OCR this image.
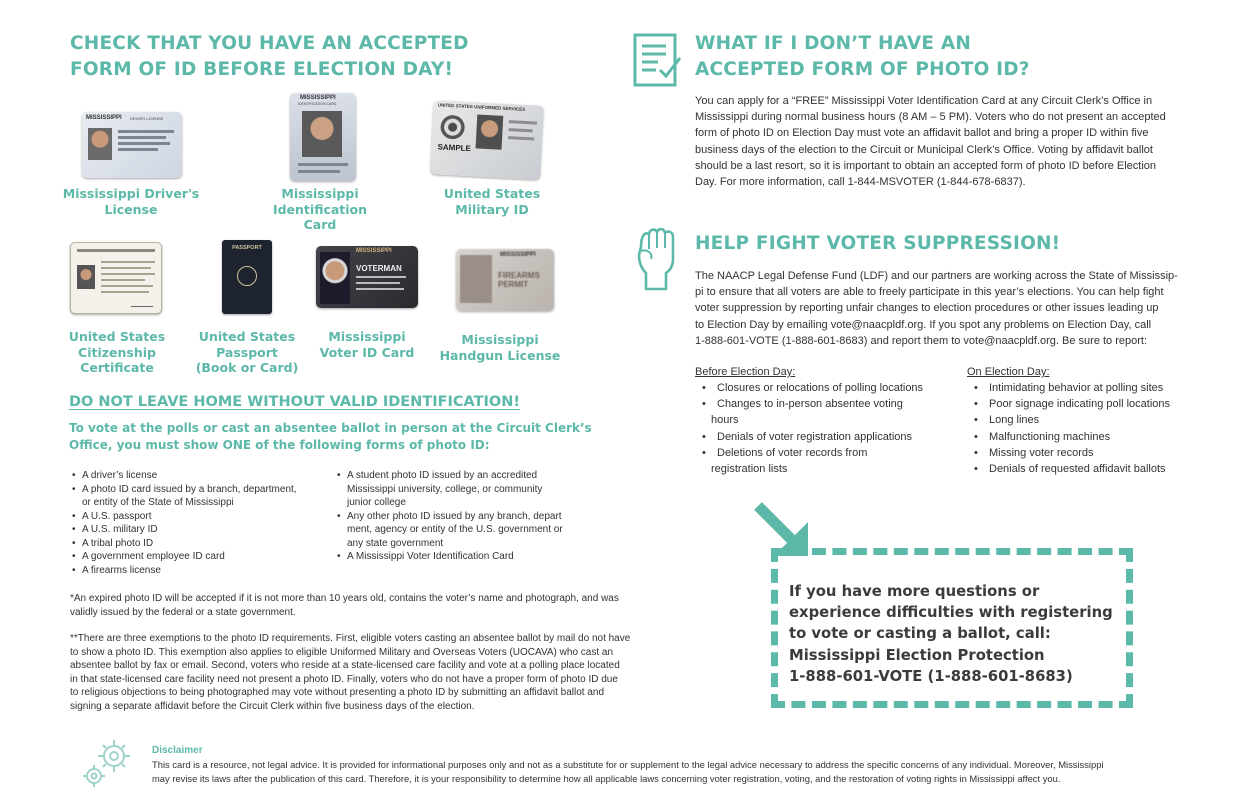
CHECK THAT YOU HAVE AN ACCEPTED
FORM OF ID BEFORE ELECTION DAY!
MISSISSIPPI DRIVER LICENSE
MISSISSIPPI
IDENTIFICATION CARD	UNITED STATES UNIFORMED SERVICES
SAMPLE
Mississippi Driver's
License
Mississippi
Identification
Card
United States
Military ID
PASSPORT	MISSISSIPPI
VOTERMAN
MISSISSIPPI
FIREARMS PERMIT
United States
Citizenship
Certificate
United States
Passport
(Book or Card)
Mississippi
Voter ID Card
Mississippi
Handgun License
DO NOT LEAVE HOME WITHOUT VALID IDENTIFICATION!
To vote at the polls or cast an absentee ballot in person at the Circuit Clerk’s
Office, you must show ONE of the following forms of photo ID:
• A driver’s license
• A photo ID card issued by a branch, department,
or entity of the State of Mississippi
• A U.S. passport
• A U.S. military ID
• A tribal photo ID
• A government employee ID card
• A firearms license
• A student photo ID issued by an accredited
Mississippi university, college, or community
junior college
• Any other photo ID issued by any branch, depart
ment, agency or entity of the U.S. government or
any state government
• A Mississippi Voter Identification Card
*An expired photo ID will be accepted if it is not more than 10 years old, contains the voter’s name and photograph, and was
validly issued by the federal or a state government.
**There are three exemptions to the photo ID requirements. First, eligible voters casting an absentee ballot by mail do not have
to show a photo ID. This exemption also applies to eligible Uniformed Military and Overseas Voters (UOCAVA) who cast an
absentee ballot by fax or email. Second, voters who reside at a state-licensed care facility and vote at a polling place located
in that state-licensed care facility need not present a photo ID. Finally, voters who do not have a proper form of photo ID due
to religious objections to being photographed may vote without presenting a photo ID by submitting an affidavit ballot and
signing a separate affidavit before the Circuit Clerk within five business days of the election.
WHAT IF I DON’T HAVE AN
ACCEPTED FORM OF PHOTO ID?
You can apply for a “FREE” Mississippi Voter Identification Card at any Circuit Clerk’s Office in
Mississippi during normal business hours (8 AM – 5 PM). Voters who do not present an accepted
form of photo ID on Election Day must vote an affidavit ballot and bring a proper ID within five
business days of the election to the Circuit or Municipal Clerk’s Office. Voting by affidavit ballot
should be a last resort, so it is important to obtain an accepted form of photo ID before Election
Day. For more information, call 1-844-MSVOTER (1-844-678-6837).
HELP FIGHT VOTER SUPPRESSION!
The NAACP Legal Defense Fund (LDF) and our partners are working across the State of Mississip-
pi to ensure that all voters are able to freely participate in this year’s elections. You can help fight
voter suppression by reporting unfair changes to election procedures or other issues leading up
to Election Day by emailing vote@naacpldf.org. If you spot any problems on Election Day, call
1-888-601-VOTE (1-888-601-8683) and report them to vote@naacpldf.org. Be sure to report:
Before Election Day:
• Closures or relocations of polling locations
• Changes to in-person absentee voting
hours
• Denials of voter registration applications
• Deletions of voter records from
registration lists
On Election Day:
• Intimidating behavior at polling sites
• Poor signage indicating poll locations
• Long lines
• Malfunctioning machines
• Missing voter records
• Denials of requested affidavit ballots
If you have more questions or
experience difficulties with registering
to vote or casting a ballot, call:
Mississippi Election Protection
1-888-601-VOTE (1-888-601-8683)
Disclaimer
This card is a resource, not legal advice. It is provided for informational purposes only and not as a substitute for or supplement to the legal advice necessary to address the specific concerns of any individual. Moreover, Mississippi
may revise its laws after the publication of this card. Therefore, it is your responsibility to determine how all applicable laws concerning voter registration, voting, and the restoration of voting rights in Mississippi affect you.
